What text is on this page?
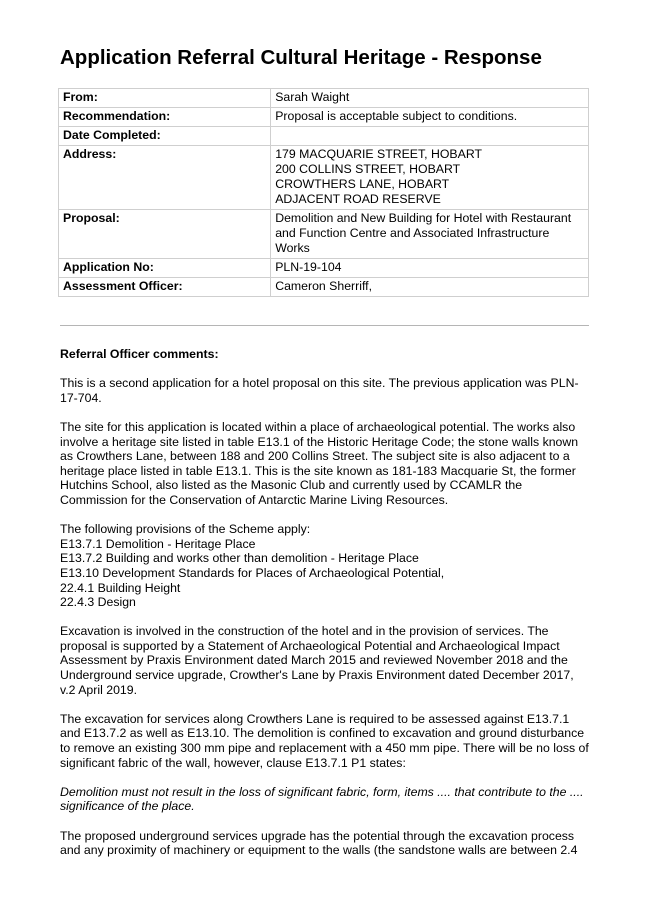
Application Referral Cultural Heritage - Response
From:	Sarah Waight
Recommendation:	Proposal is acceptable subject to conditions.
Date Completed:	
Address:	179 MACQUARIE STREET, HOBART
200 COLLINS STREET, HOBART
CROWTHERS LANE, HOBART
ADJACENT ROAD RESERVE

Proposal:	Demolition and New Building for Hotel with Restaurant and Function Centre and Associated Infrastructure Works
Application No:	PLN-19-104
Assessment Officer:	Cameron Sherriff,

Referral Officer comments:

This is a second application for a hotel proposal on this site. The previous application was PLN-17-704.

The site for this application is located within a place of archaeological potential. The works also involve a heritage site listed in table E13.1 of the Historic Heritage Code; the stone walls known as Crowthers Lane, between 188 and 200 Collins Street. The subject site is also adjacent to a heritage place listed in table E13.1. This is the site known as 181-183 Macquarie St, the former Hutchins School, also listed as the Masonic Club and currently used by CCAMLR the Commission for the Conservation of Antarctic Marine Living Resources.

The following provisions of the Scheme apply:
E13.7.1 Demolition - Heritage Place
E13.7.2 Building and works other than demolition - Heritage Place
E13.10 Development Standards for Places of Archaeological Potential,
22.4.1 Building Height
22.4.3 Design

Excavation is involved in the construction of the hotel and in the provision of services. The proposal is supported by a Statement of Archaeological Potential and Archaeological Impact Assessment by Praxis Environment dated March 2015 and reviewed November 2018 and the Underground service upgrade, Crowther's Lane by Praxis Environment dated December 2017, v.2 April 2019.

The excavation for services along Crowthers Lane is required to be assessed against E13.7.1 and E13.7.2 as well as E13.10. The demolition is confined to excavation and ground disturbance to remove an existing 300 mm pipe and replacement with a 450 mm pipe. There will be no loss of significant fabric of the wall, however, clause E13.7.1 P1 states:

Demolition must not result in the loss of significant fabric, form, items .... that contribute to the .... significance of the place.

The proposed underground services upgrade has the potential through the excavation process and any proximity of machinery or equipment to the walls (the sandstone walls are between 2.4
